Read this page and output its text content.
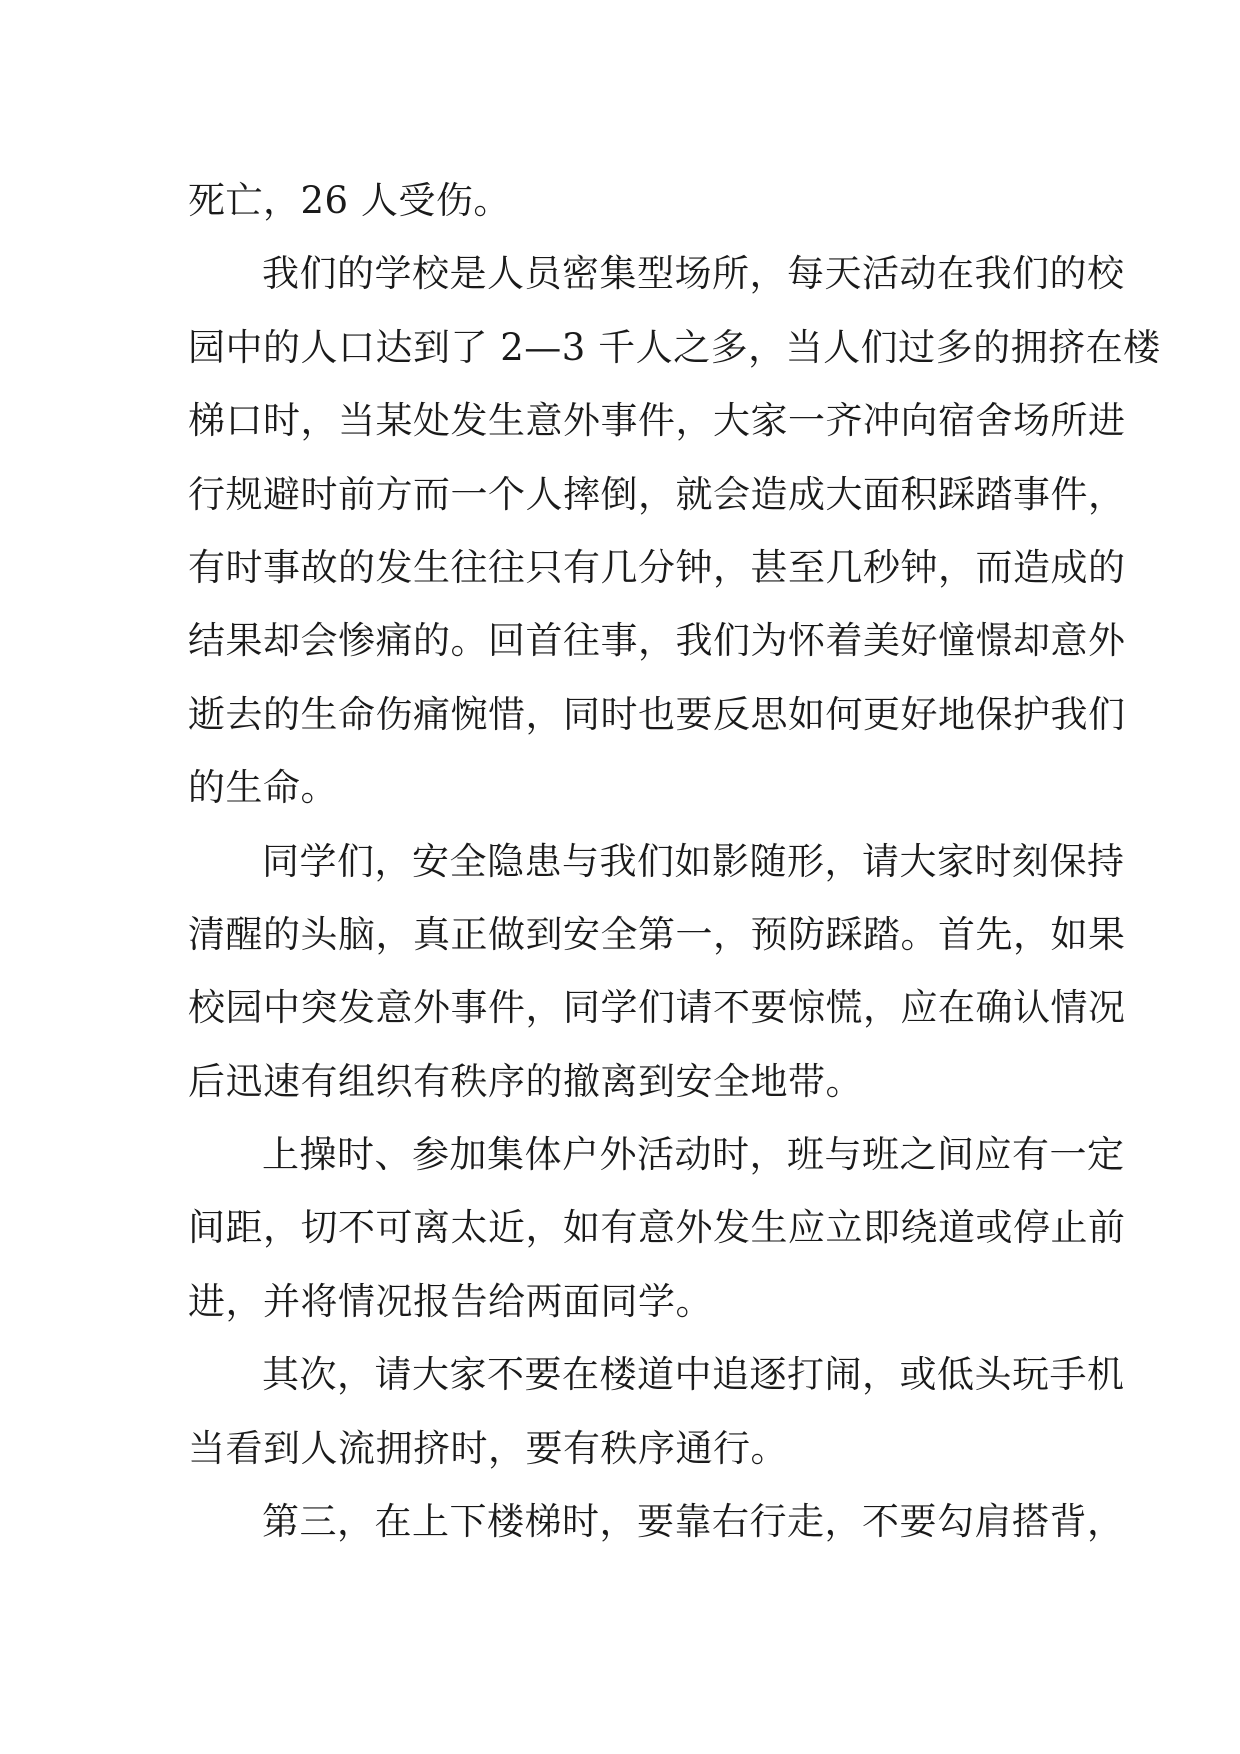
死亡，26 人受伤。
我们的学校是人员密集型场所，每天活动在我们的校
园中的人口达到了 2—3 千人之多，当人们过多的拥挤在楼
梯口时，当某处发生意外事件，大家一齐冲向宿舍场所进
行规避时前方而一个人摔倒，就会造成大面积踩踏事件，
有时事故的发生往往只有几分钟，甚至几秒钟，而造成的
结果却会惨痛的。回首往事，我们为怀着美好憧憬却意外
逝去的生命伤痛惋惜，同时也要反思如何更好地保护我们
的生命。
同学们，安全隐患与我们如影随形，请大家时刻保持
清醒的头脑，真正做到安全第一，预防踩踏。首先，如果
校园中突发意外事件，同学们请不要惊慌，应在确认情况
后迅速有组织有秩序的撤离到安全地带。
上操时、参加集体户外活动时，班与班之间应有一定
间距，切不可离太近，如有意外发生应立即绕道或停止前
进，并将情况报告给两面同学。
其次，请大家不要在楼道中追逐打闹，或低头玩手机
当看到人流拥挤时，要有秩序通行。
第三，在上下楼梯时，要靠右行走，不要勾肩搭背，
